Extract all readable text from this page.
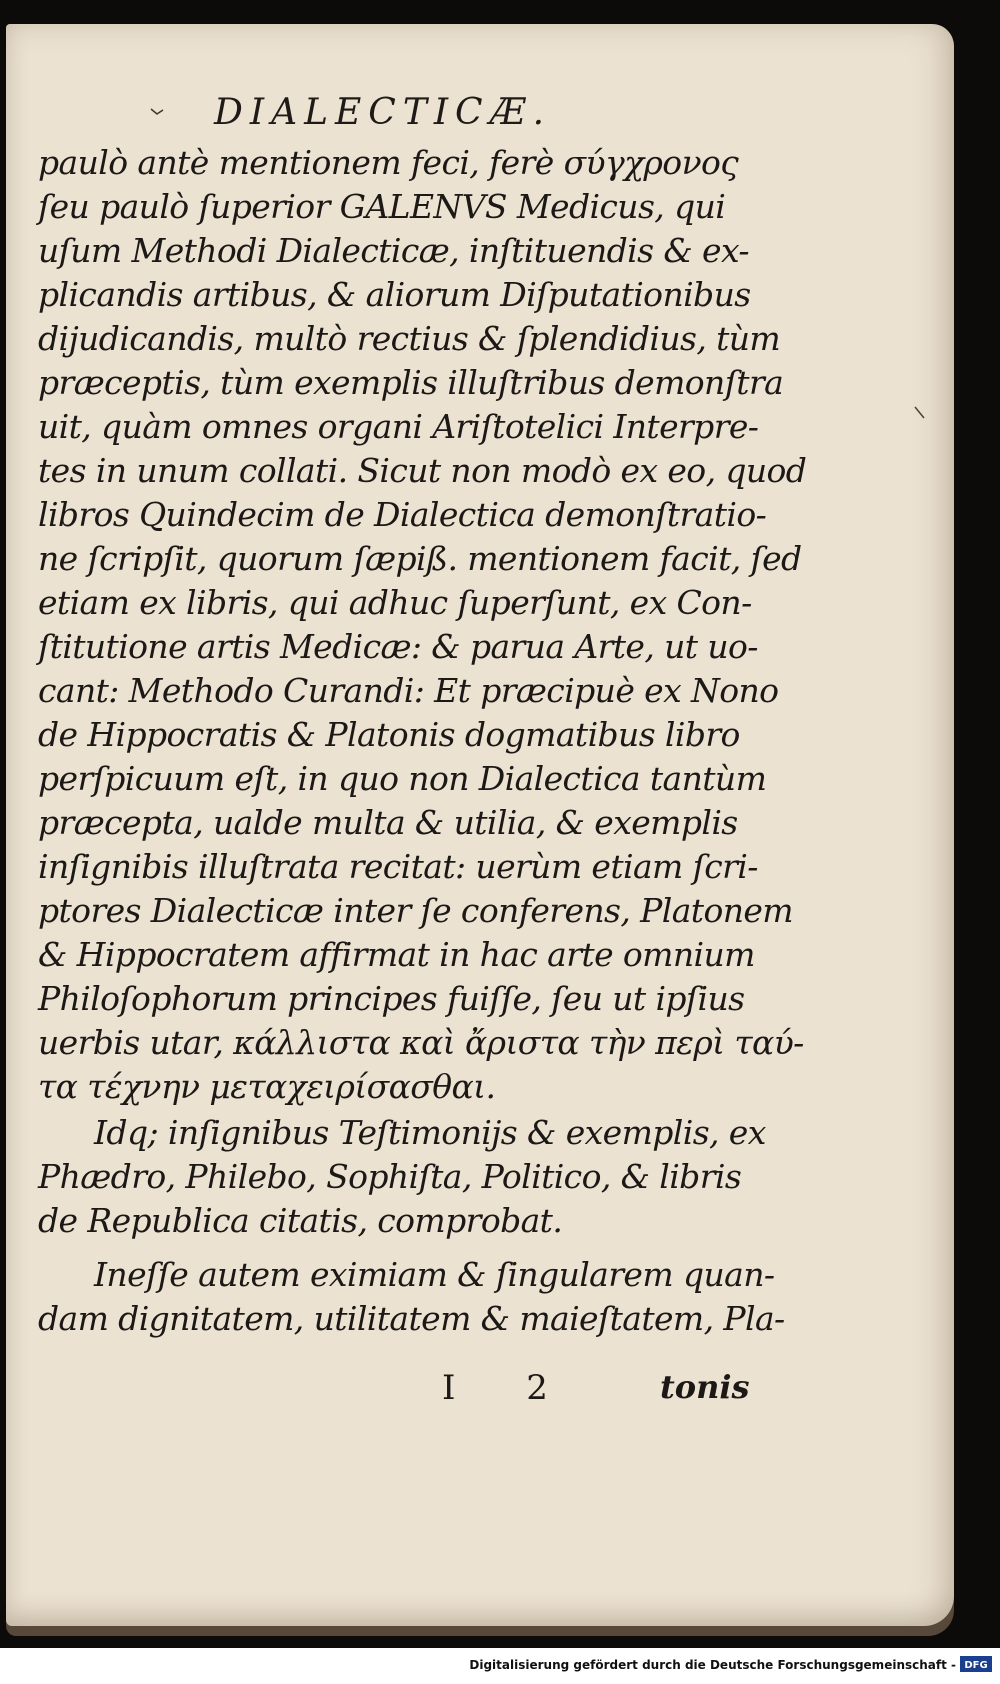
DIALECTICÆ.
paulò antè mentionem feci, ferè σύγχρονος
ſeu paulò ſuperior GALENVS Medicus, qui
uſum Methodi Dialecticæ, inſtituendis & ex-
plicandis artibus, & aliorum Diſputationibus
dijudicandis, multò rectius & ſplendidius, tùm
præceptis, tùm exemplis illuſtribus demonſtra
uit, quàm omnes organi Ariſtotelici Interpre-
tes in unum collati. Sicut non modò ex eo, quod
libros Quindecim de Dialectica demonſtratio-
ne ſcripſit, quorum ſæpiß. mentionem facit, ſed
etiam ex libris, qui adhuc ſuperſunt, ex Con-
ſtitutione artis Medicæ: & parua Arte, ut uo-
cant: Methodo Curandi: Et præcipuè ex Nono
de Hippocratis & Platonis dogmatibus libro
perſpicuum eſt, in quo non Dialectica tantùm
præcepta, ualde multa & utilia, & exemplis
inſignibis illuſtrata recitat: uerùm etiam ſcri-
ptores Dialecticæ inter ſe conferens, Platonem
& Hippocratem affirmat in hac arte omnium
Philoſophorum principes fuiſſe, ſeu ut ipſius
uerbis utar, κάλλιστα καὶ ἄριστα τὴν περὶ ταύ-
τα τέχνην μεταχειρίσασθαι.
Idq; inſignibus Teſtimonijs & exemplis, ex
Phædro, Philebo, Sophiſta, Politico, & libris
de Republica citatis, comprobat.
Ineſſe autem eximiam & ſingularem quan-
dam dignitatem, utilitatem & maieſtatem, Pla-
I 2	tonis
Digitalisierung gefördert durch die Deutsche Forschungsgemeinschaft - DFG
